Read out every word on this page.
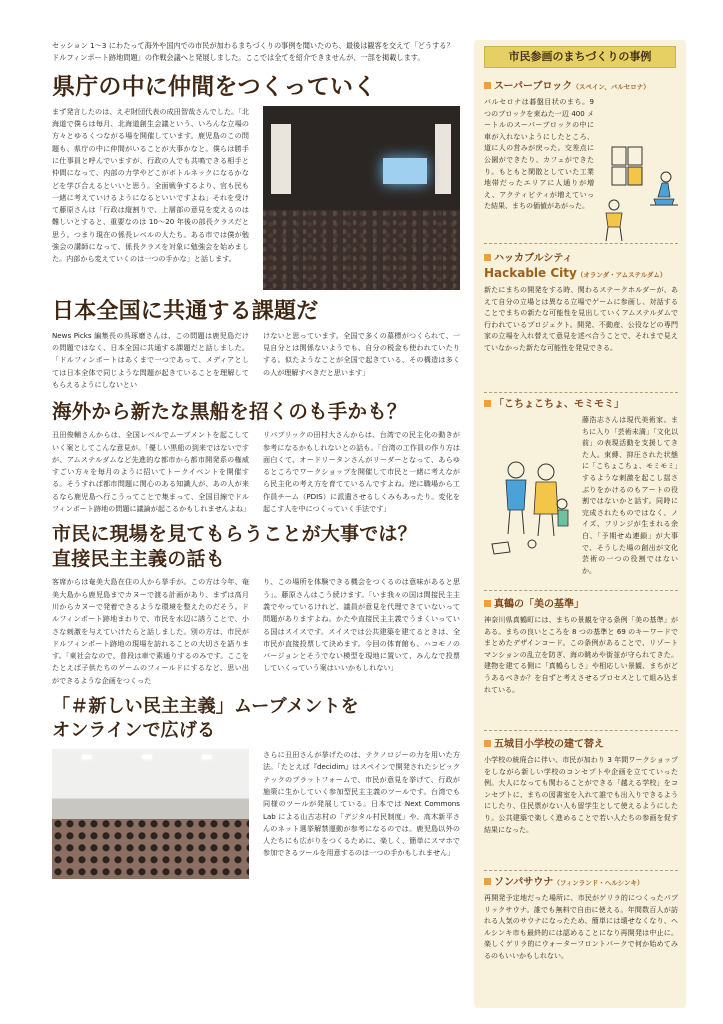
セッション 1〜3 にわたって海外や国内での市民が加わるまちづくりの事例を聞いたのち、最後は観客を交えて「どうする？ドルフィンポート跡地問題」の作戦会議へと発展しました。ここでは全てを紹介できませんが、一部を掲載します。

県庁の中に仲間をつくっていく

まず発言したのは、えぞ財団代表の成田智哉さんでした。「北海道で僕らは毎月、北海道創生会議という、いろんな立場の方々とゆるくつながる場を開催しています。鹿児島のこの問題も、県庁の中に仲間がいることが大事かなと。僕らは勝手に仕事員と呼んでいますが、行政の人でも共鳴できる相手と仲間になって、内部の力学やどこがボトルネックになるかなどを学び合えるといいと思う。全面戦争するより、官も民も一緒に考えていけるようになるといいですよね」それを受けて藤原さんは「行政は縦割りで、上層部の意見を変えるのは難しいとすると、重要なのは 10〜20 年後の部長クラスだと思う。つまり現在の係長レベルの人たち。ある市では僕が勉強会の講師になって、係長クラスを対象に勉強会を始めました。内部から変えていくのは一つの手かな」と話します。

日本全国に共通する課題だ

News Picks 編集長の呉琢磨さんは、この問題は鹿児島だけの問題ではなく、日本全国に共通する課題だと話しました。「ドルフィンポートはあくまで一つであって、メディアとしては日本全体で同じような問題が起きていることを理解してもらえるようにしないとい

けないと思っています。全国で多くの墓標がつくられて、一見自分とは関係ないようでも、自分の税金も使われていたりする。似たようなことが全国で起きている、その構造は多くの人が理解すべきだと思います」

海外から新たな黒船を招くのも手かも？

丑田俊輔さんからは、全国レベルでムーブメントを起こしていく案としてこんな意見が。「優しい黒船の到来ではないですが、アムステルダムなど先進的な都市から都市開発系の権威すごい方々を毎月のように招いてトークイベントを開催する。そうすれば都市問題に関心のある知識人が、あの人が来るなら鹿児島へ行こうってことで集まって、全国目線でドルフィンポート跡地の問題に議論が起こるかもしれませんよね」

リパブリックの田村大さんからは、台湾での民主化の動きが参考になるかもしれないとの話も。「台湾の工作員の作り方は面白くて、オードリータンさんがリーダーとなって、あらゆるところでワークショップを開催して市民と一緒に考えながら民主化の考え方を育てているんですよね。逆に職場から工作員チーム（PDIS）に派遣させるしくみもあったり。変化を起こす人を中につくっていく手法です」

市民に現場を見てもらうことが大事では？
直接民主主義の話も

客席からは奄美大島在住の人から挙手が。この方は今年、奄美大島から鹿児島までカヌーで渡る計画があり、まずは高月川からカヌーで発着できるような環境を整えたのだそう。ドルフィンポート跡地まわりで、市民を水辺に誘うことで、小さな刺激を与えていけたらと話しました。別の方は、市民がドルフィンポート跡地の現場を訪れることの大切さを語ります。「東社会なので、普段は車で素通りするのみです。ここをたとえば子供たちのゲームのフィールドにするなど、思い出ができるような企画をつくった

り、この場所を体験できる機会をつくるのは意味があると思う」。藤原さんはこう続けます。「いま我々の国は間接民主主義でやっているけれど、議員が意見を代理できていないって問題がありますよね。かたや直接民主主義でうまくいっている国はスイスです。スイスでは公共建築を建てるときは、全市民が直接投票して決めます。今回の体育館も、ハコモノのバージョンとそうでない模型を現地に置いて、みんなで投票していくっていう案はいいかもしれない」

「＃新しい民主主義」ムーブメントを
オンラインで広げる

さらに丑田さんが挙げたのは、テクノロジーの力を用いた方法。「たとえば『decidim』はスペインで開発されたシビックテックのプラットフォームで、市民が意見を挙げて、行政が施策に生かしていく参加型民主主義のツールです。台湾でも同様のツールが発展している。日本では Next Commons Lab による山古志村の「デジタル村民制度」や、高木新平さんのネット選挙解禁運動が参考になるのでは。鹿児島以外の人たちにも広がりをつくるために、楽しく、簡単にスマホで参加できるツールを用意するのは一つの手かもしれません」

市民参画のまちづくりの事例
スーパーブロック（スペイン、バルセロナ）

バルセロナは碁盤目状のまち。9 つのブロックを束ねた一辺 400 メートルのスーパーブロックの中に車が入れないようにしたところ、道に人の営みが戻った。交差点に公園ができたり、カフェができたり。もともと閑散としていた工業地帯だったエリアに人通りが増え、アクティビティが増えていった結果、まちの価値があがった。

ハッカブルシティ
Hackable City（オランダ・アムステルダム）

新たにまちの開発をする時、関わるステークホルダーが、あえて自分の立場とは異なる立場でゲームに参画し、対話することでまちの新たな可能性を見出していくアムステルダムで行われているプロジェクト。開発、不動産、公役などの専門家の立場を入れ替えて意見を述べ合うことで、それまで見えていなかった新たな可能性を発見できる。

「こちょこちょ、モミモミ」

藤浩志さんは現代美術家。まちに入り「芸術未満」「文化以前」の表現活動を支援してきた人。束縛、抑圧された状態に「こちょこちょ、モミモミ」するような刺激を起こし揺さぶりをかけるのもアートの役割ではないかと話す。同時に完成されたものではなく、ノイズ、フリンジが生まれる余白、「予期せぬ連鎖」が大事で、そうした場の創出が文化芸術の一つの役割ではないか。

真鶴の「美の基準」

神奈川県真鶴町には、まちの景観を守る条例「美の基準」がある。まちの良いところを 8 つの基準と 69 のキーワードでまとめたデザインコード。この条例があることで、リゾートマンションの乱立を防ぎ、海の眺めや街並が守られてきた。建物を建てる側に「真鶴らしさ」や相応しい景観、まちがどうあるべきか？を自ずと考えさせるプロセスとして組み込まれている。

五城目小学校の建て替え

小学校の統廃合に伴い、市民が加わり 3 年間ワークショップをしながら新しい学校のコンセプトや企画を立てていった例。大人になっても関わることができる「越える学校」をコンセプトに、まちの図書室を入れて誰でも出入りできるようにしたり、住民票がない人も留学生として使えるようにしたり。公共建築で楽しく進めることで若い人たちの参画を促す結果になった。

ソンパサウナ（フィンランド・ヘルシンキ）

再開発予定地だった場所に、市民がゲリラ的につくったパブリックサウナ。誰でも無料で自由に使える。年間数百人が訪れる人気のサウナになったため、簡単には壊せなくなり、ヘルシンキ市も最終的には認めることになり再開発は中止に。楽しくゲリラ的にウォーターフロントパークで何か始めてみるのもいいかもしれない。
